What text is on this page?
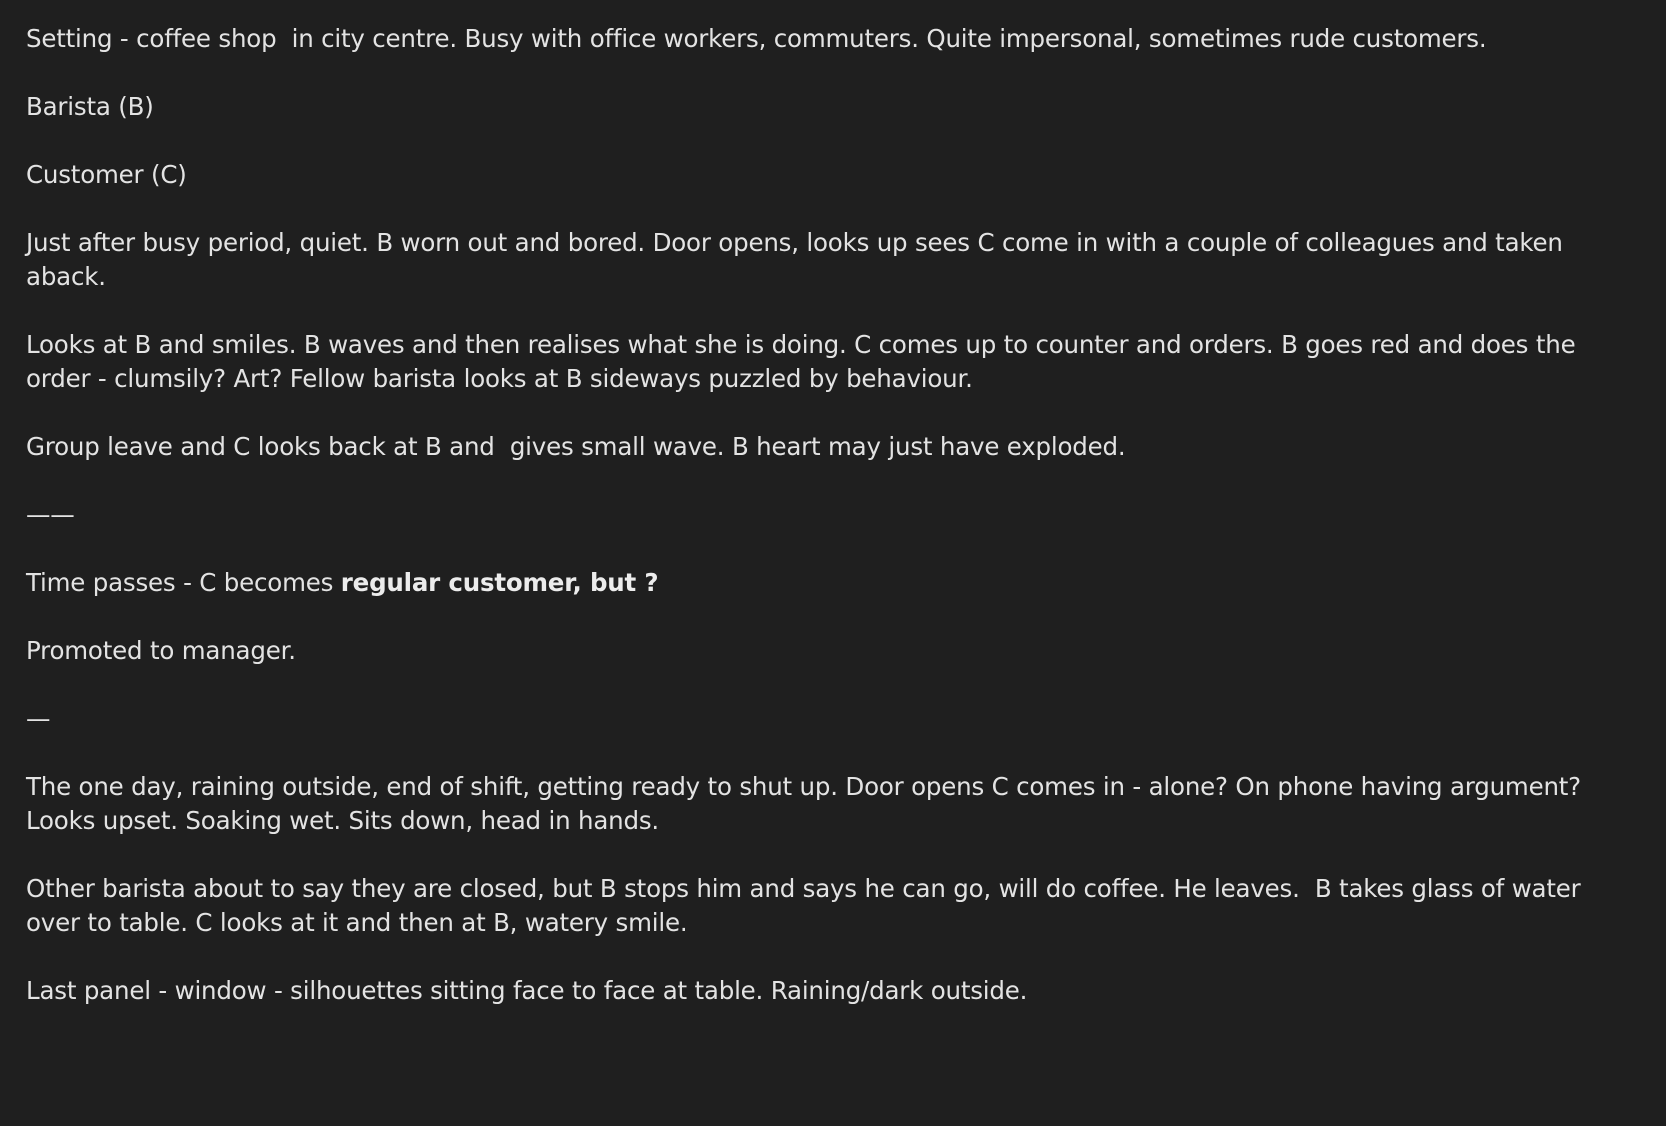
Setting - coffee shop  in city centre. Busy with office workers, commuters. Quite impersonal, sometimes rude customers.

Barista (B)

Customer (C)

Just after busy period, quiet. B worn out and bored. Door opens, looks up sees C come in with a couple of colleagues and taken aback.

Looks at B and smiles. B waves and then realises what she is doing. C comes up to counter and orders. B goes red and does the order - clumsily? Art? Fellow barista looks at B sideways puzzled by behaviour.

Group leave and C looks back at B and  gives small wave. B heart may just have exploded.

——

Time passes - C becomes regular customer, but ?

Promoted to manager.

—

The one day, raining outside, end of shift, getting ready to shut up. Door opens C comes in - alone? On phone having argument? Looks upset. Soaking wet. Sits down, head in hands.

Other barista about to say they are closed, but B stops him and says he can go, will do coffee. He leaves.  B takes glass of water over to table. C looks at it and then at B, watery smile.

Last panel - window - silhouettes sitting face to face at table. Raining/dark outside.
